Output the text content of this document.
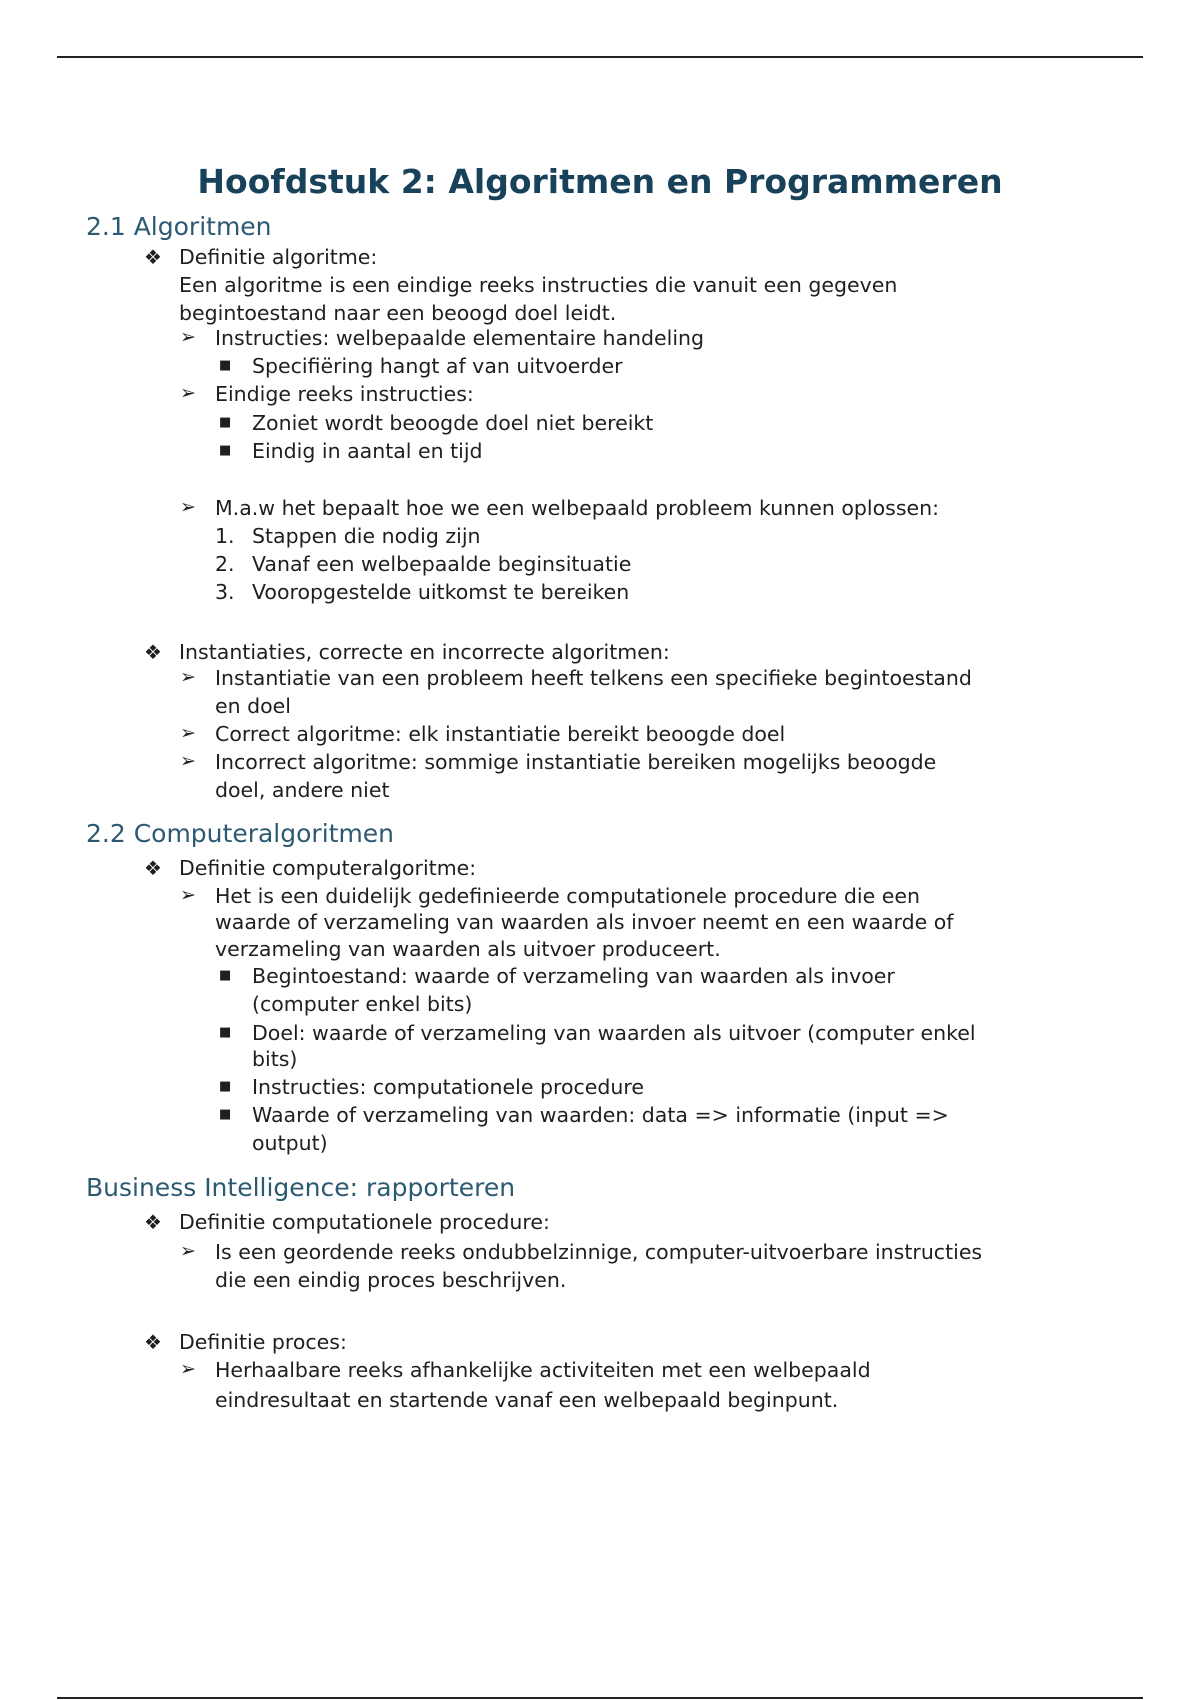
Hoofdstuk 2: Algoritmen en Programmeren
2.1 Algoritmen
❖ Definitie algoritme:
Een algoritme is een eindige reeks instructies die vanuit een gegeven
begintoestand naar een beoogd doel leidt.
➢ Instructies: welbepaalde elementaire handeling
■ Specifiëring hangt af van uitvoerder
➢ Eindige reeks instructies:
■ Zoniet wordt beoogde doel niet bereikt
■ Eindig in aantal en tijd
➢ M.a.w het bepaalt hoe we een welbepaald probleem kunnen oplossen:
1. Stappen die nodig zijn
2. Vanaf een welbepaalde beginsituatie
3. Vooropgestelde uitkomst te bereiken
❖ Instantiaties, correcte en incorrecte algoritmen:
➢ Instantiatie van een probleem heeft telkens een specifieke begintoestand
en doel
➢ Correct algoritme: elk instantiatie bereikt beoogde doel
➢ Incorrect algoritme: sommige instantiatie bereiken mogelijks beoogde
doel, andere niet
2.2 Computeralgoritmen
❖ Definitie computeralgoritme:
➢ Het is een duidelijk gedefinieerde computationele procedure die een
waarde of verzameling van waarden als invoer neemt en een waarde of
verzameling van waarden als uitvoer produceert.
■ Begintoestand: waarde of verzameling van waarden als invoer
(computer enkel bits)
■ Doel: waarde of verzameling van waarden als uitvoer (computer enkel
bits)
■ Instructies: computationele procedure
■ Waarde of verzameling van waarden: data => informatie (input =>
output)
Business Intelligence: rapporteren
❖ Definitie computationele procedure:
➢ Is een geordende reeks ondubbelzinnige, computer-uitvoerbare instructies
die een eindig proces beschrijven.
❖ Definitie proces:
➢ Herhaalbare reeks afhankelijke activiteiten met een welbepaald
eindresultaat en startende vanaf een welbepaald beginpunt.
